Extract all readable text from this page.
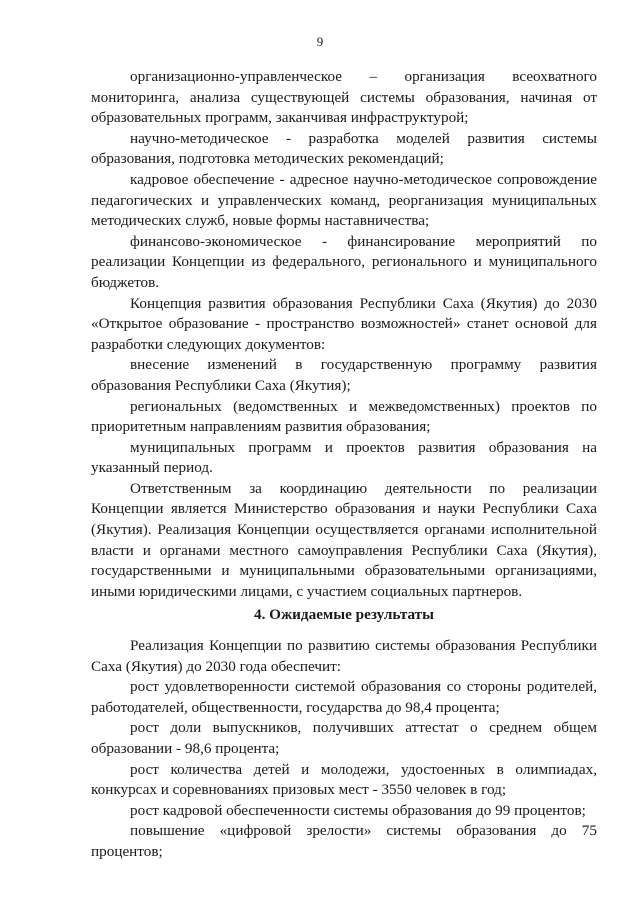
9

организационно-управленческое – организация всеохватного мониторинга, анализа существующей системы образования, начиная от образовательных программ, заканчивая инфраструктурой;

научно-методическое - разработка моделей развития системы образования, подготовка методических рекомендаций;

кадровое обеспечение - адресное научно-методическое сопровождение педагогических и управленческих команд, реорганизация муниципальных методических служб, новые формы наставничества;

финансово-экономическое - финансирование мероприятий по реализации Концепции из федерального, регионального и муниципального бюджетов.

Концепция развития образования Республики Саха (Якутия) до 2030 «Открытое образование - пространство возможностей» станет основой для разработки следующих документов:

внесение изменений в государственную программу развития образования Республики Саха (Якутия);

региональных (ведомственных и межведомственных) проектов по приоритетным направлениям развития образования;

муниципальных программ и проектов развития образования на указанный период.

Ответственным за координацию деятельности по реализации Концепции является Министерство образования и науки Республики Саха (Якутия). Реализация Концепции осуществляется органами исполнительной власти и органами местного самоуправления Республики Саха (Якутия), государственными и муниципальными образовательными организациями, иными юридическими лицами, с участием социальных партнеров.

4. Ожидаемые результаты

Реализация Концепции по развитию системы образования Республики Саха (Якутия) до 2030 года обеспечит:

рост удовлетворенности системой образования со стороны родителей, работодателей, общественности, государства до 98,4 процента;

рост доли выпускников, получивших аттестат о среднем общем образовании - 98,6 процента;

рост количества детей и молодежи, удостоенных в олимпиадах, конкурсах и соревнованиях призовых мест - 3550 человек в год;

рост кадровой обеспеченности системы образования до 99 процентов;

повышение «цифровой зрелости» системы образования до 75 процентов;
